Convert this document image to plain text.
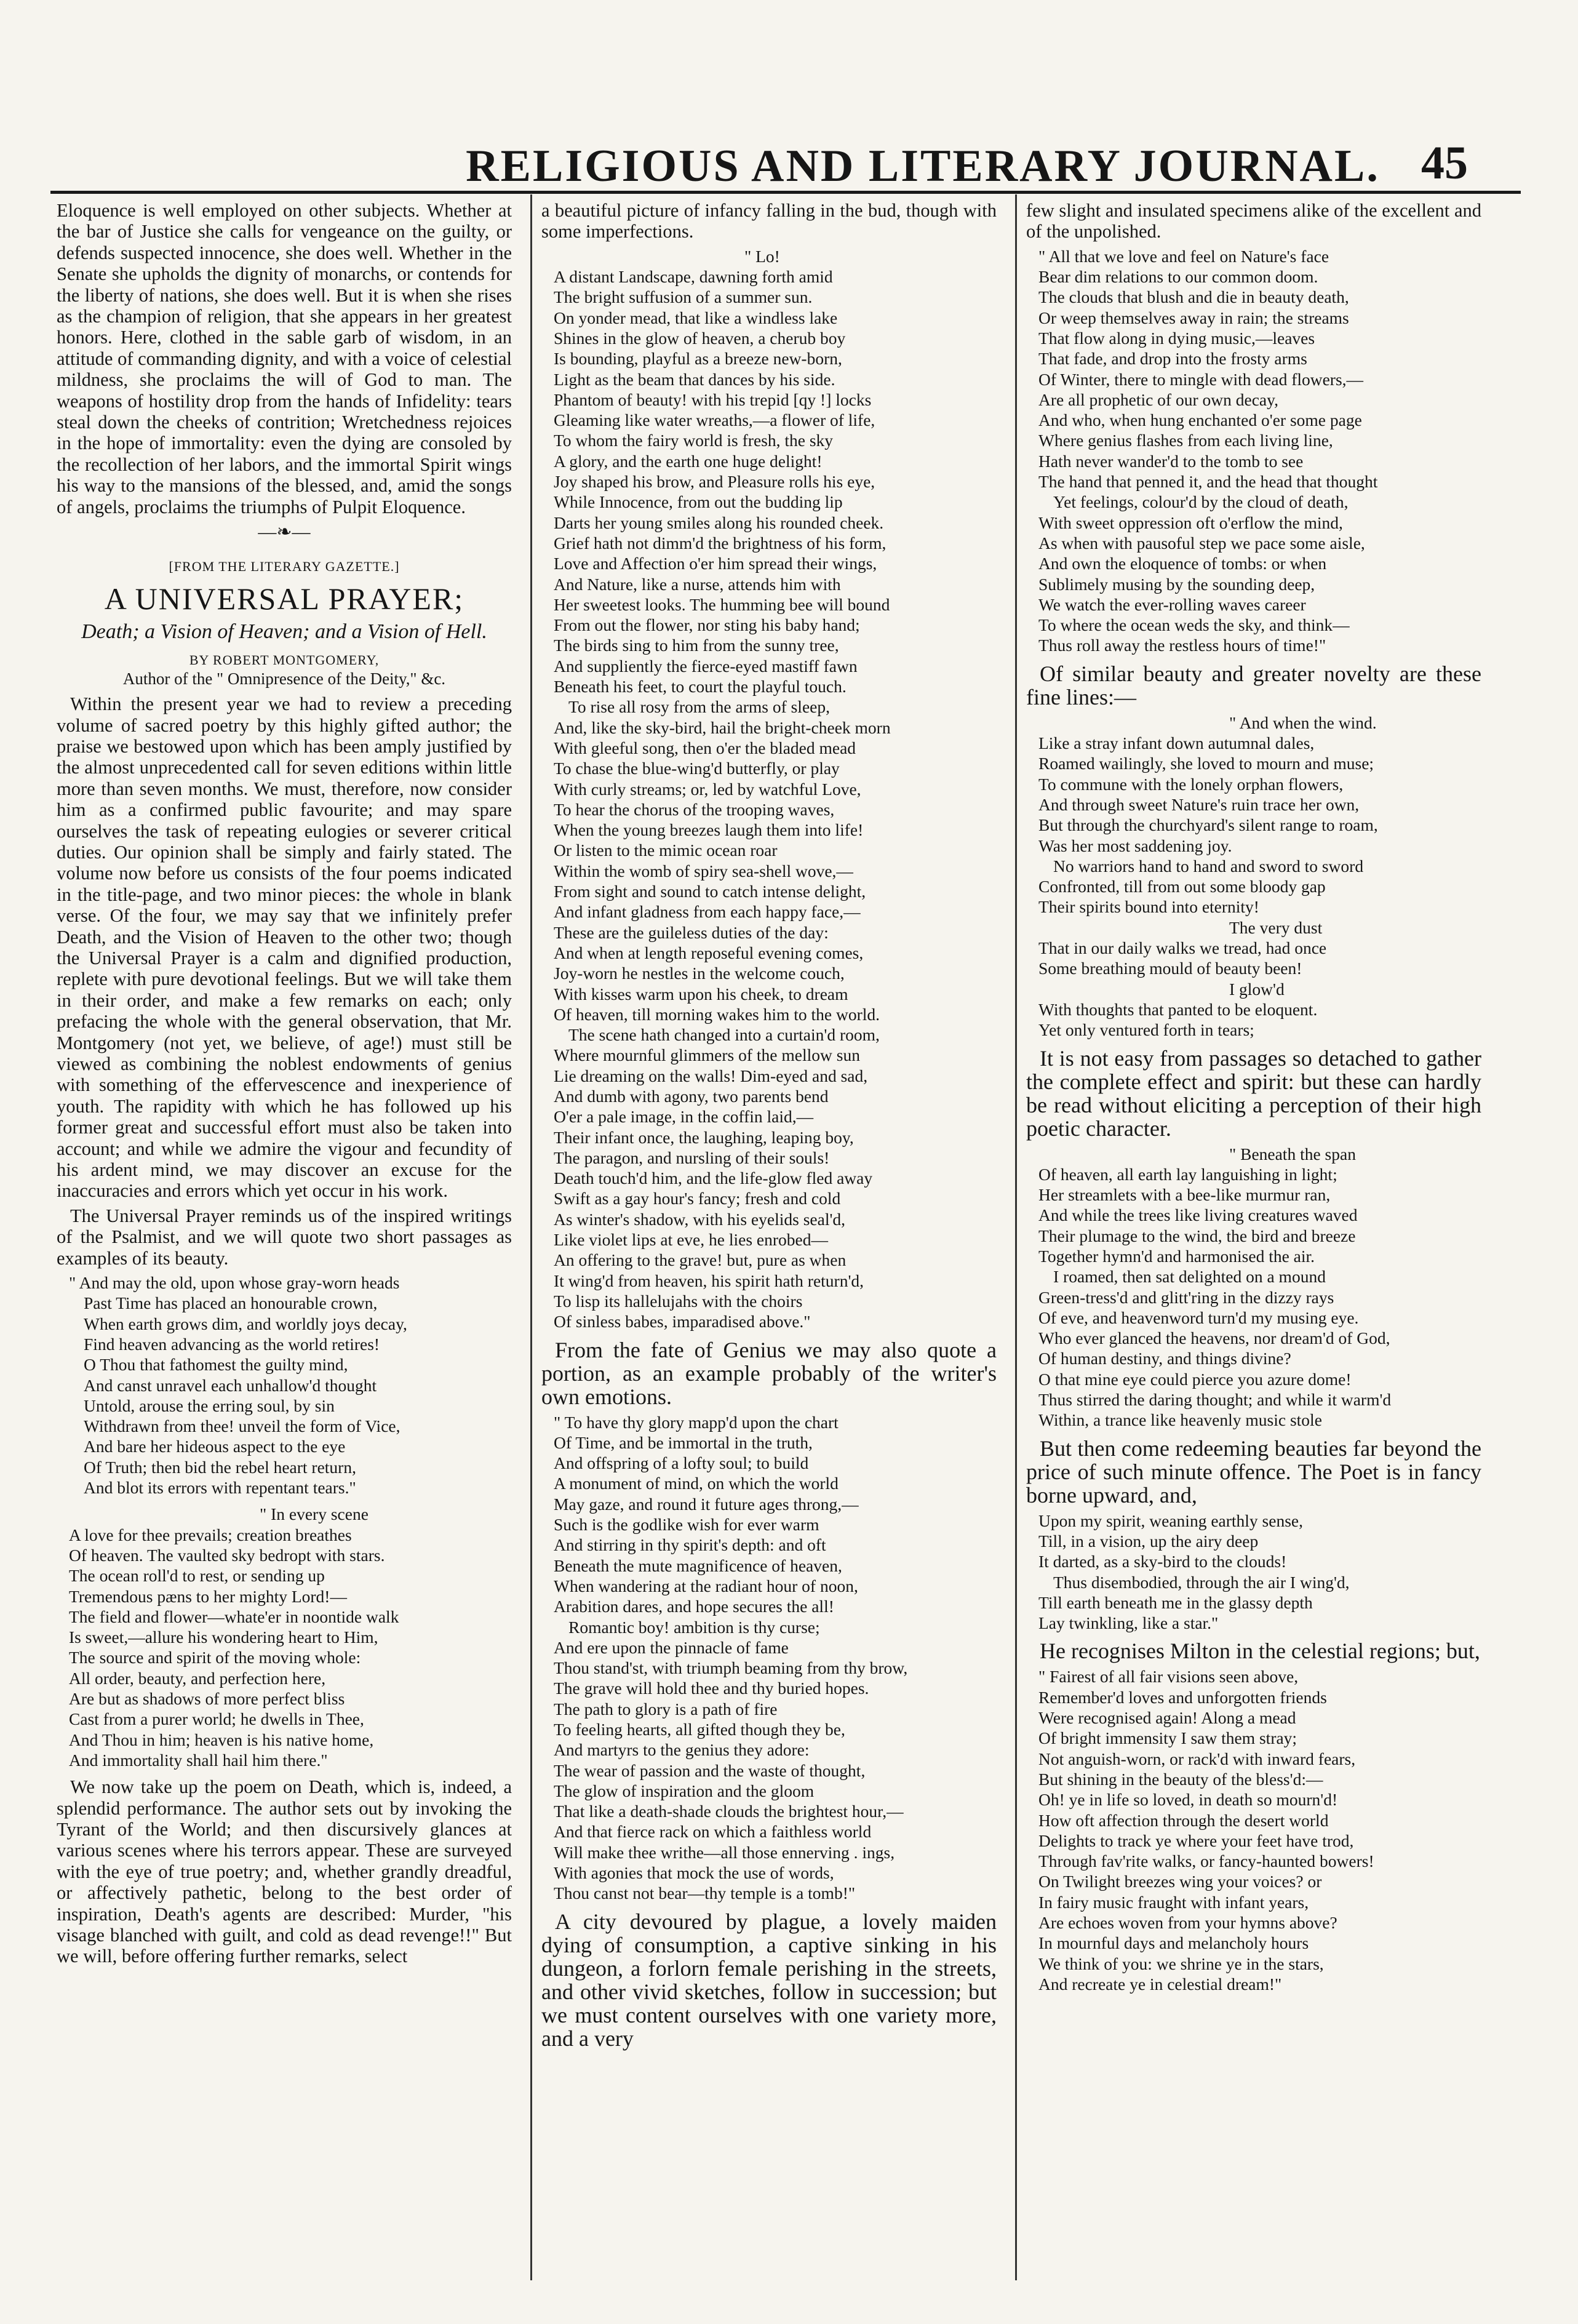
RELIGIOUS AND LITERARY JOURNAL. 45

Eloquence is well employed on other subjects. Whether at the bar of Justice she calls for vengeance on the guilty, or defends suspected innocence, she does well. Whether in the Senate she upholds the dignity of monarchs, or contends for the liberty of nations, she does well. But it is when she rises as the champion of religion, that she appears in her greatest honors. Here, clothed in the sable garb of wisdom, in an attitude of commanding dignity, and with a voice of celestial mildness, she proclaims the will of God to man. The weapons of hostility drop from the hands of Infidelity: tears steal down the cheeks of contrition; Wretchedness rejoices in the hope of immortality: even the dying are consoled by the recollection of her labors, and the immortal Spirit wings his way to the mansions of the blessed, and, amid the songs of angels, proclaims the triumphs of Pulpit Eloquence.

—❧—
[FROM THE LITERARY GAZETTE.]
A UNIVERSAL PRAYER;
Death; a Vision of Heaven; and a Vision of Hell.
BY ROBERT MONTGOMERY,
Author of the " Omnipresence of the Deity," &c.

Within the present year we had to review a preceding volume of sacred poetry by this highly gifted author; the praise we bestowed upon which has been amply justified by the almost unprecedented call for seven editions within little more than seven months. We must, therefore, now consider him as a confirmed public favourite; and may spare ourselves the task of repeating eulogies or severer critical duties. Our opinion shall be simply and fairly stated. The volume now before us consists of the four poems indicated in the title-page, and two minor pieces: the whole in blank verse. Of the four, we may say that we infinitely prefer Death, and the Vision of Heaven to the other two; though the Universal Prayer is a calm and dignified production, replete with pure devotional feelings. But we will take them in their order, and make a few remarks on each; only prefacing the whole with the general observation, that Mr. Montgomery (not yet, we believe, of age!) must still be viewed as combining the noblest endowments of genius with something of the effervescence and inexperience of youth. The rapidity with which he has followed up his former great and successful effort must also be taken into account; and while we admire the vigour and fecundity of his ardent mind, we may discover an excuse for the inaccuracies and errors which yet occur in his work.

The Universal Prayer reminds us of the inspired writings of the Psalmist, and we will quote two short passages as examples of its beauty.

" And may the old, upon whose gray-worn heads
Past Time has placed an honourable crown,
When earth grows dim, and worldly joys decay,
Find heaven advancing as the world retires!
O Thou that fathomest the guilty mind,
And canst unravel each unhallow'd thought
Untold, arouse the erring soul, by sin
Withdrawn from thee! unveil the form of Vice,
And bare her hideous aspect to the eye
Of Truth; then bid the rebel heart return,
And blot its errors with repentant tears."
" In every scene
A love for thee prevails; creation breathes
Of heaven. The vaulted sky bedropt with stars.
The ocean roll'd to rest, or sending up
Tremendous pæns to her mighty Lord!—
The field and flower—whate'er in noontide walk
Is sweet,—allure his wondering heart to Him,
The source and spirit of the moving whole:
All order, beauty, and perfection here,
Are but as shadows of more perfect bliss
Cast from a purer world; he dwells in Thee,
And Thou in him; heaven is his native home,
And immortality shall hail him there."

We now take up the poem on Death, which is, indeed, a splendid performance. The author sets out by invoking the Tyrant of the World; and then discursively glances at various scenes where his terrors appear. These are surveyed with the eye of true poetry; and, whether grandly dreadful, or affectively pathetic, belong to the best order of inspiration, Death's agents are described: Murder, "his visage blanched with guilt, and cold as dead revenge!!" But we will, before offering further remarks, select

a beautiful picture of infancy falling in the bud, though with some imperfections.

" Lo!
A distant Landscape, dawning forth amid
The bright suffusion of a summer sun.
On yonder mead, that like a windless lake
Shines in the glow of heaven, a cherub boy
Is bounding, playful as a breeze new-born,
Light as the beam that dances by his side.
Phantom of beauty! with his trepid [qy !] locks
Gleaming like water wreaths,—a flower of life,
To whom the fairy world is fresh, the sky
A glory, and the earth one huge delight!
Joy shaped his brow, and Pleasure rolls his eye,
While Innocence, from out the budding lip
Darts her young smiles along his rounded cheek.
Grief hath not dimm'd the brightness of his form,
Love and Affection o'er him spread their wings,
And Nature, like a nurse, attends him with
Her sweetest looks. The humming bee will bound
From out the flower, nor sting his baby hand;
The birds sing to him from the sunny tree,
And suppliently the fierce-eyed mastiff fawn
Beneath his feet, to court the playful touch.
To rise all rosy from the arms of sleep,
And, like the sky-bird, hail the bright-cheek morn
With gleeful song, then o'er the bladed mead
To chase the blue-wing'd butterfly, or play
With curly streams; or, led by watchful Love,
To hear the chorus of the trooping waves,
When the young breezes laugh them into life!
Or listen to the mimic ocean roar
Within the womb of spiry sea-shell wove,—
From sight and sound to catch intense delight,
And infant gladness from each happy face,—
These are the guileless duties of the day:
And when at length reposeful evening comes,
Joy-worn he nestles in the welcome couch,
With kisses warm upon his cheek, to dream
Of heaven, till morning wakes him to the world.
The scene hath changed into a curtain'd room,
Where mournful glimmers of the mellow sun
Lie dreaming on the walls! Dim-eyed and sad,
And dumb with agony, two parents bend
O'er a pale image, in the coffin laid,—
Their infant once, the laughing, leaping boy,
The paragon, and nursling of their souls!
Death touch'd him, and the life-glow fled away
Swift as a gay hour's fancy; fresh and cold
As winter's shadow, with his eyelids seal'd,
Like violet lips at eve, he lies enrobed—
An offering to the grave! but, pure as when
It wing'd from heaven, his spirit hath return'd,
To lisp its hallelujahs with the choirs
Of sinless babes, imparadised above."

From the fate of Genius we may also quote a portion, as an example probably of the writer's own emotions.

" To have thy glory mapp'd upon the chart
Of Time, and be immortal in the truth,
And offspring of a lofty soul; to build
A monument of mind, on which the world
May gaze, and round it future ages throng,—
Such is the godlike wish for ever warm
And stirring in thy spirit's depth: and oft
Beneath the mute magnificence of heaven,
When wandering at the radiant hour of noon,
Arabition dares, and hope secures the all!
Romantic boy! ambition is thy curse;
And ere upon the pinnacle of fame
Thou stand'st, with triumph beaming from thy brow,
The grave will hold thee and thy buried hopes.
The path to glory is a path of fire
To feeling hearts, all gifted though they be,
And martyrs to the genius they adore:
The wear of passion and the waste of thought,
The glow of inspiration and the gloom
That like a death-shade clouds the brightest hour,—
And that fierce rack on which a faithless world
Will make thee writhe—all those ennerving . ings,
With agonies that mock the use of words,
Thou canst not bear—thy temple is a tomb!"

A city devoured by plague, a lovely maiden dying of consumption, a captive sinking in his dungeon, a forlorn female perishing in the streets, and other vivid sketches, follow in succession; but we must content ourselves with one variety more, and a very

few slight and insulated specimens alike of the excellent and of the unpolished.

" All that we love and feel on Nature's face
Bear dim relations to our common doom.
The clouds that blush and die in beauty death,
Or weep themselves away in rain; the streams
That flow along in dying music,—leaves
That fade, and drop into the frosty arms
Of Winter, there to mingle with dead flowers,—
Are all prophetic of our own decay,
And who, when hung enchanted o'er some page
Where genius flashes from each living line,
Hath never wander'd to the tomb to see
The hand that penned it, and the head that thought
Yet feelings, colour'd by the cloud of death,
With sweet oppression oft o'erflow the mind,
As when with pausoful step we pace some aisle,
And own the eloquence of tombs: or when
Sublimely musing by the sounding deep,
We watch the ever-rolling waves career
To where the ocean weds the sky, and think—
Thus roll away the restless hours of time!"

Of similar beauty and greater novelty are these fine lines:—

" And when the wind.
Like a stray infant down autumnal dales,
Roamed wailingly, she loved to mourn and muse;
To commune with the lonely orphan flowers,
And through sweet Nature's ruin trace her own,
But through the churchyard's silent range to roam,
Was her most saddening joy.
No warriors hand to hand and sword to sword
Confronted, till from out some bloody gap
Their spirits bound into eternity!
The very dust
That in our daily walks we tread, had once
Some breathing mould of beauty been!
I glow'd
With thoughts that panted to be eloquent.
Yet only ventured forth in tears;

It is not easy from passages so detached to gather the complete effect and spirit: but these can hardly be read without eliciting a perception of their high poetic character.

" Beneath the span
Of heaven, all earth lay languishing in light;
Her streamlets with a bee-like murmur ran,
And while the trees like living creatures waved
Their plumage to the wind, the bird and breeze
Together hymn'd and harmonised the air.
I roamed, then sat delighted on a mound
Green-tress'd and glitt'ring in the dizzy rays
Of eve, and heavenword turn'd my musing eye.
Who ever glanced the heavens, nor dream'd of God,
Of human destiny, and things divine?
O that mine eye could pierce you azure dome!
Thus stirred the daring thought; and while it warm'd
Within, a trance like heavenly music stole

But then come redeeming beauties far beyond the price of such minute offence. The Poet is in fancy borne upward, and,

Upon my spirit, weaning earthly sense,
Till, in a vision, up the airy deep
It darted, as a sky-bird to the clouds!
Thus disembodied, through the air I wing'd,
Till earth beneath me in the glassy depth
Lay twinkling, like a star."

He recognises Milton in the celestial regions; but,

" Fairest of all fair visions seen above,
Remember'd loves and unforgotten friends
Were recognised again! Along a mead
Of bright immensity I saw them stray;
Not anguish-worn, or rack'd with inward fears,
But shining in the beauty of the bless'd:—
Oh! ye in life so loved, in death so mourn'd!
How oft affection through the desert world
Delights to track ye where your feet have trod,
Through fav'rite walks, or fancy-haunted bowers!
On Twilight breezes wing your voices? or
In fairy music fraught with infant years,
Are echoes woven from your hymns above?
In mournful days and melancholy hours
We think of you: we shrine ye in the stars,
And recreate ye in celestial dream!"
